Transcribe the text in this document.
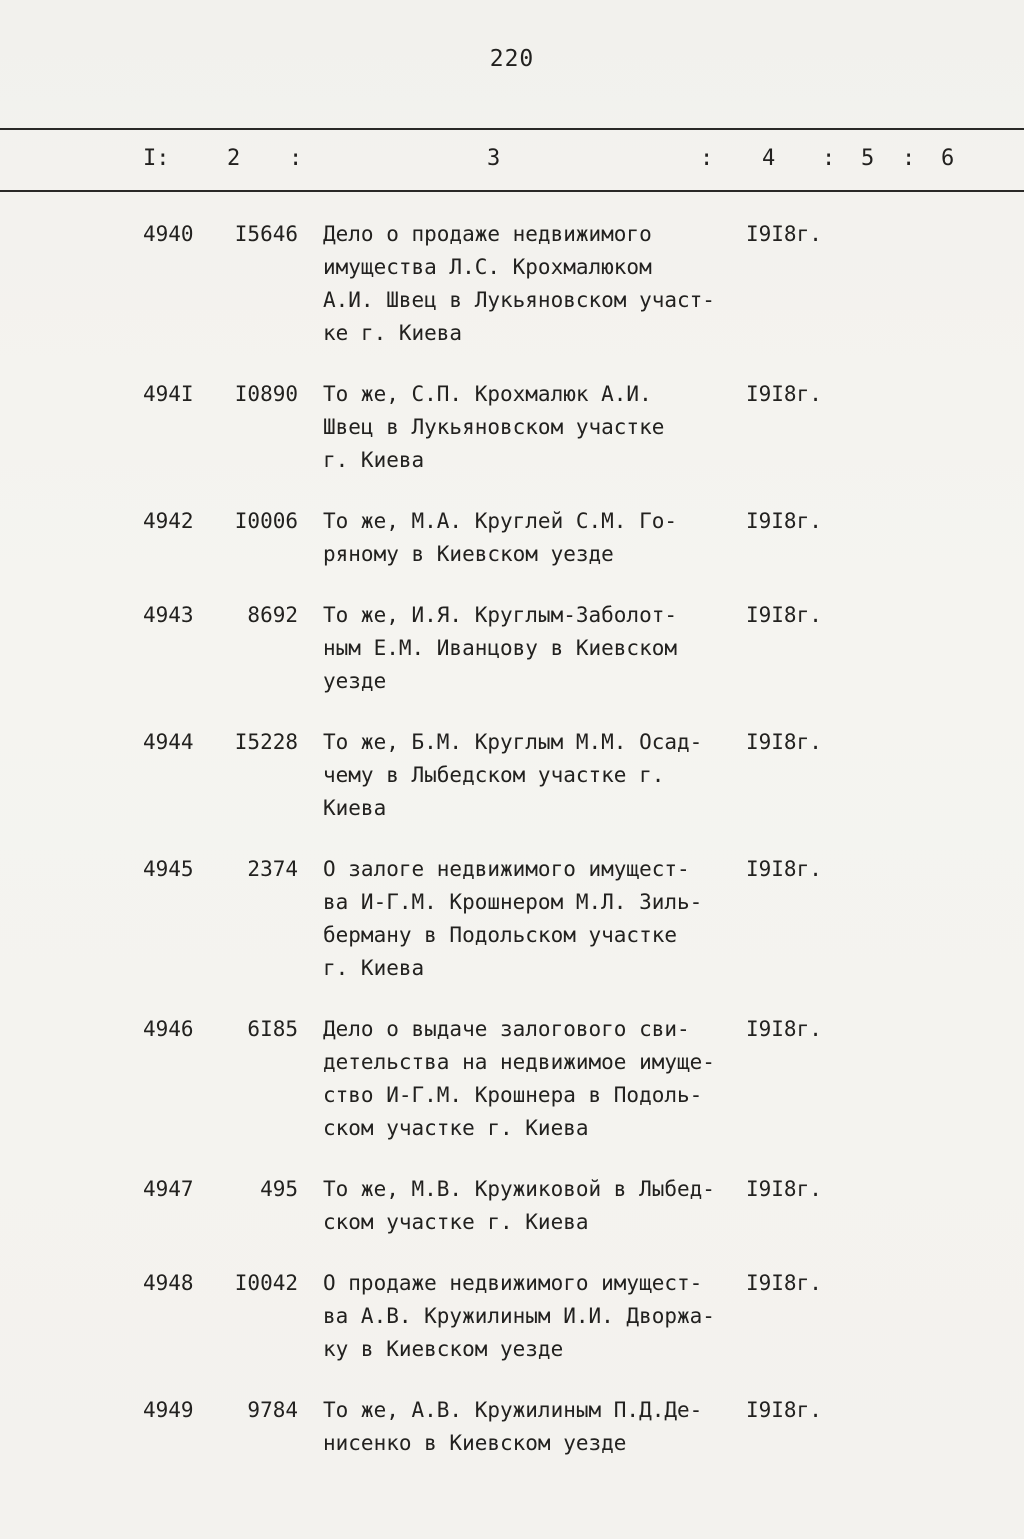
220
I:	2 :	3	: 4 : 5 : 6
4940	I5646 Дело о продаже недвижимого
имущества Л.С. Крохмалюком
А.И. Швец в Лукьяновском участ-
ке г. Киева
I9I8г.
494I	I0890 То же, С.П. Крохмалюк А.И.
Швец в Лукьяновском участке
г. Киева
I9I8г.
4942	I0006 То же, М.А. Круглей С.М. Го-
ряному в Киевском уезде
I9I8г.
4943	8692 То же, И.Я. Круглым-Заболот-
ным Е.М. Иванцову в Киевском
уезде
I9I8г.
4944	I5228 То же, Б.М. Круглым М.М. Осад-
чему в Лыбедском участке г.
Киева
I9I8г.
4945	2374 О залоге недвижимого имущест-
ва И-Г.М. Крошнером М.Л. Зиль-
берману в Подольском участке
г. Киева
I9I8г.
4946	6I85 Дело о выдаче залогового сви-
детельства на недвижимое имуще-
ство И-Г.М. Крошнера в Подоль-
ском участке г. Киева
I9I8г.
4947	495 То же, М.В. Кружиковой в Лыбед-
ском участке г. Киева
I9I8г.
4948	I0042 О продаже недвижимого имущест-
ва А.В. Кружилиным И.И. Дворжа-
ку в Киевском уезде
I9I8г.
4949	9784 То же, А.В. Кружилиным П.Д.Де-
нисенко в Киевском уезде
I9I8г.
